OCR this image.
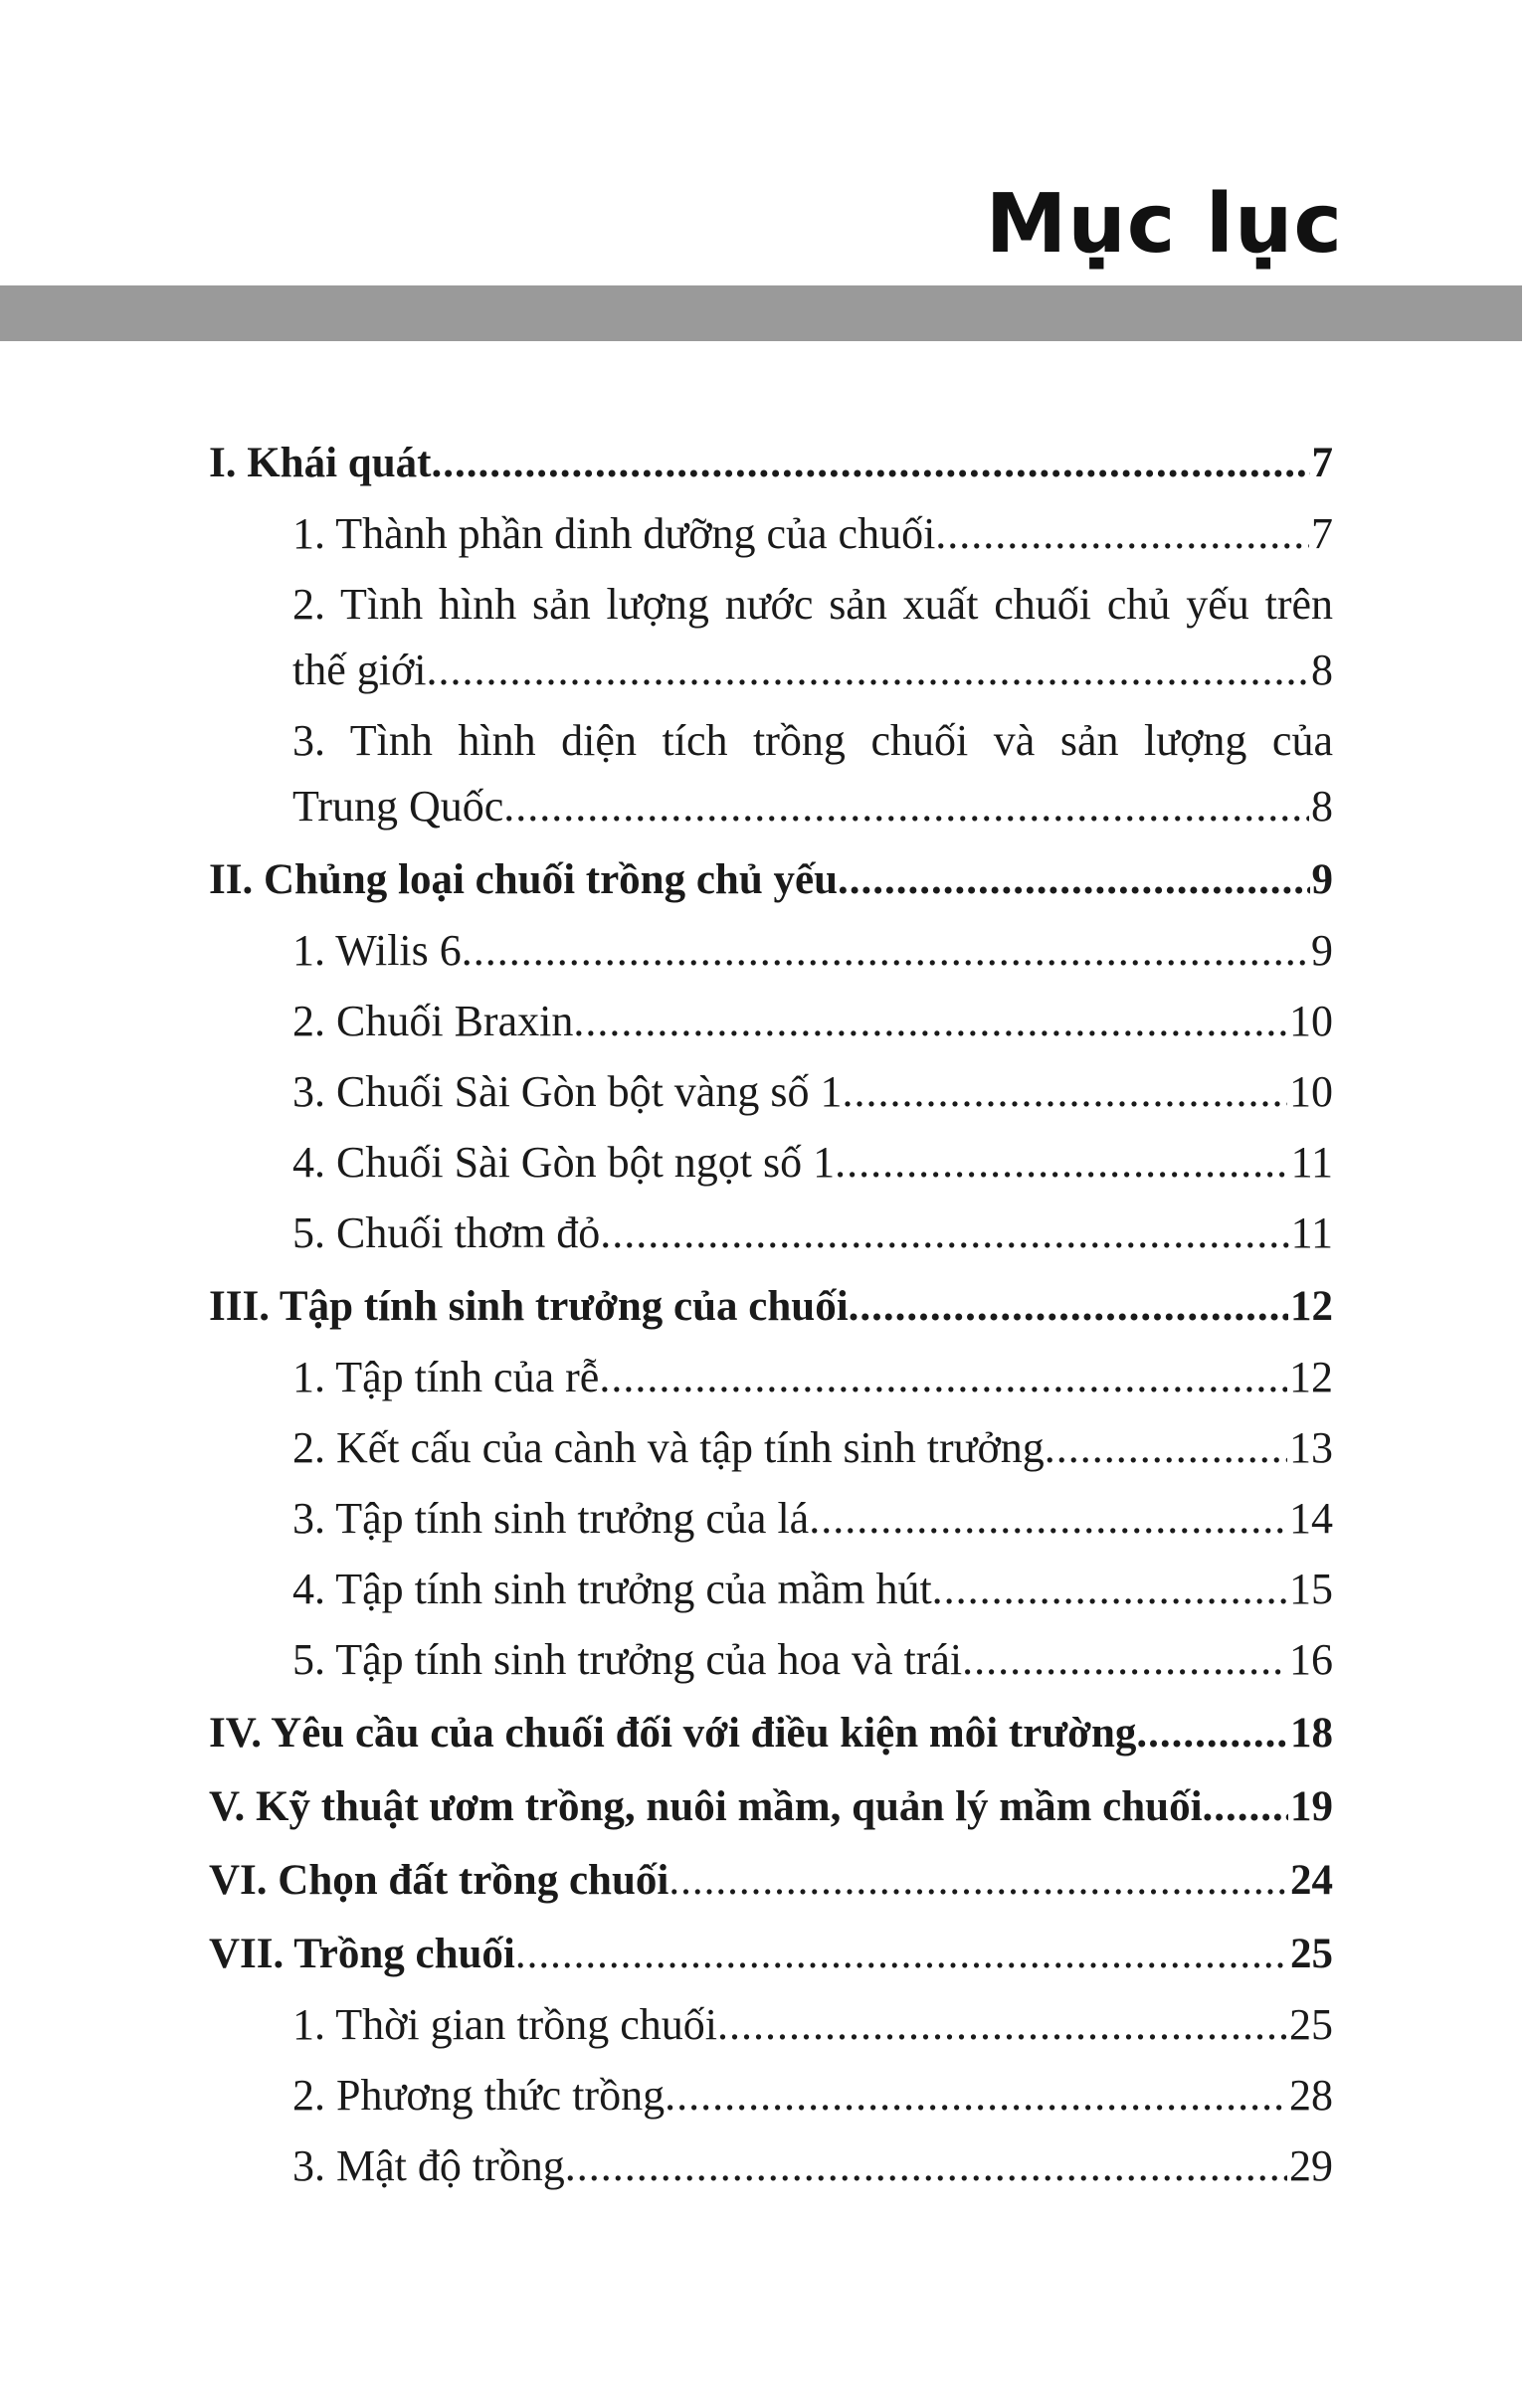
Mục lục
I. Khái quát .....	7
1. Thành phần dinh dưỡng của chuối .....	7
2. Tình hình sản lượng nước sản xuất chuối chủ yếu trên
thế giới .....	8
3. Tình hình diện tích trồng chuối và sản lượng của
Trung Quốc .....	8
II. Chủng loại chuối trồng chủ yếu .....	9
1. Wilis 6 .....	9
2. Chuối Braxin .....	10
3. Chuối Sài Gòn bột vàng số 1 .....	10
4. Chuối Sài Gòn bột ngọt số 1 .....	11
5. Chuối thơm đỏ .....	11
III. Tập tính sinh trưởng của chuối .....	12
1. Tập tính của rễ .....	12
2. Kết cấu của cành và tập tính sinh trưởng .....	13
3. Tập tính sinh trưởng của lá .....	14
4. Tập tính sinh trưởng của mầm hút .....	15
5. Tập tính sinh trưởng của hoa và trái .....	16
IV. Yêu cầu của chuối đối với điều kiện môi trường .....	18
V. Kỹ thuật ươm trồng, nuôi mầm, quản lý mầm chuối ..... 19
VI. Chọn đất trồng chuối .....	24
VII. Trồng chuối .....	25
1. Thời gian trồng chuối .....	25
2. Phương thức trồng .....	28
3. Mật độ trồng .....	29
